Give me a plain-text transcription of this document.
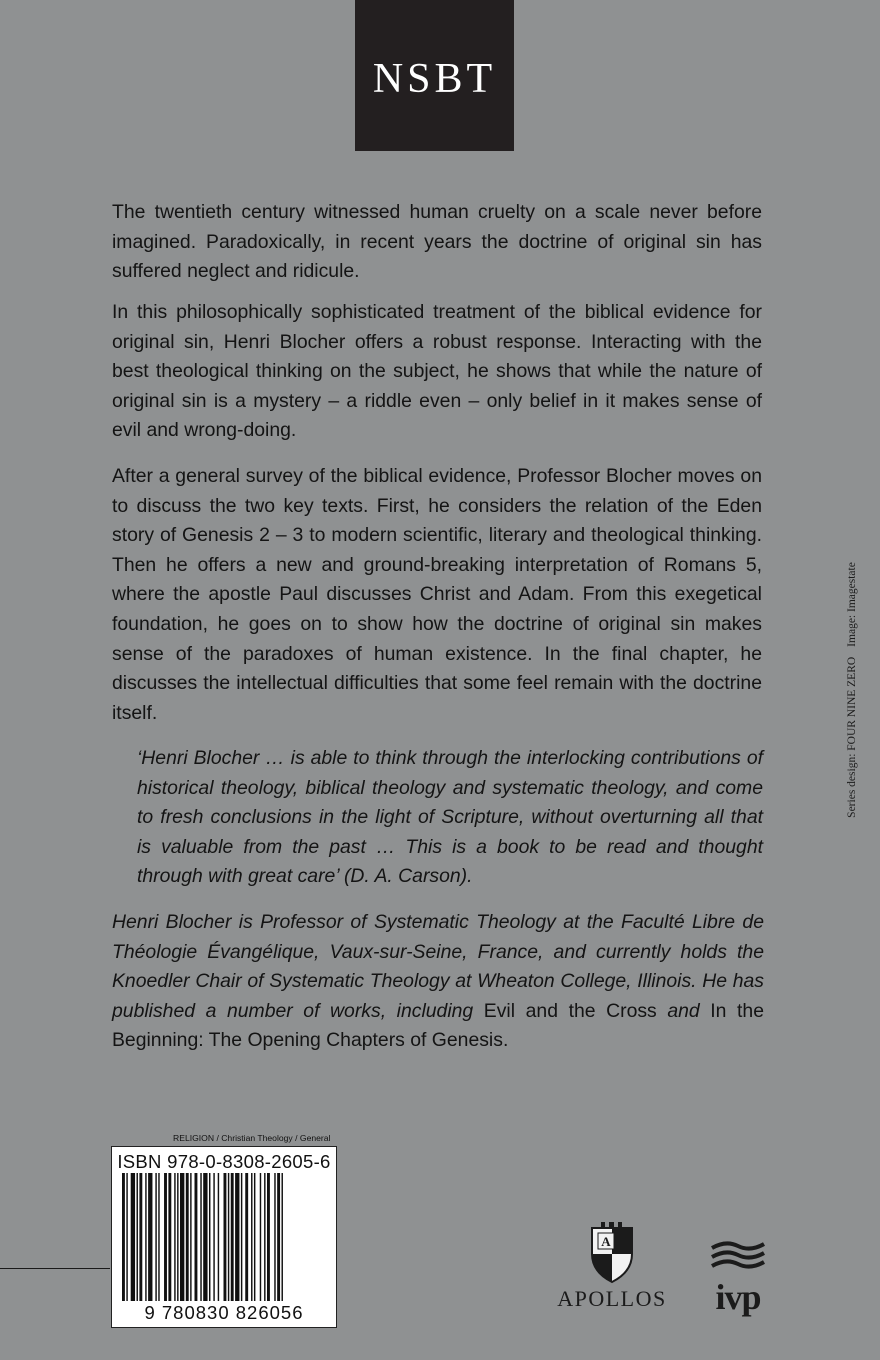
NSBT

The twentieth century witnessed human cruelty on a scale never before imagined. Paradoxically, in recent years the doctrine of original sin has suffered neglect and ridicule.

In this philosophically sophisticated treatment of the biblical evidence for original sin, Henri Blocher offers a robust response. Interacting with the best theological thinking on the subject, he shows that while the nature of original sin is a mystery – a riddle even – only belief in it makes sense of evil and wrong-doing.

After a general survey of the biblical evidence, Professor Blocher moves on to discuss the two key texts. First, he considers the relation of the Eden story of Genesis 2 – 3 to modern scientific, literary and theological thinking. Then he offers a new and ground-breaking interpretation of Romans 5, where the apostle Paul discusses Christ and Adam. From this exegetical foundation, he goes on to show how the doctrine of original sin makes sense of the paradoxes of human existence. In the final chapter, he discusses the intellectual difficulties that some feel remain with the doctrine itself.

‘Henri Blocher … is able to think through the interlocking contributions of historical theology, biblical theology and systematic theology, and come to fresh conclusions in the light of Scripture, without overturning all that is valuable from the past … This is a book to be read and thought through with great care’ (D. A. Carson).

Henri Blocher is Professor of Systematic Theology at the Faculté Libre de Théologie Évangélique, Vaux-sur-Seine, France, and currently holds the Knoedler Chair of Systematic Theology at Wheaton College, Illinois. He has published a number of works, including Evil and the Cross and In the Beginning: The Opening Chapters of Genesis.

Series design: FOUR NINE ZEROImage: Imagestate
RELIGION / Christian Theology / General
ISBN 978-0-8308-2605-6
9 780830 826056
A
APOLLOS ivp
